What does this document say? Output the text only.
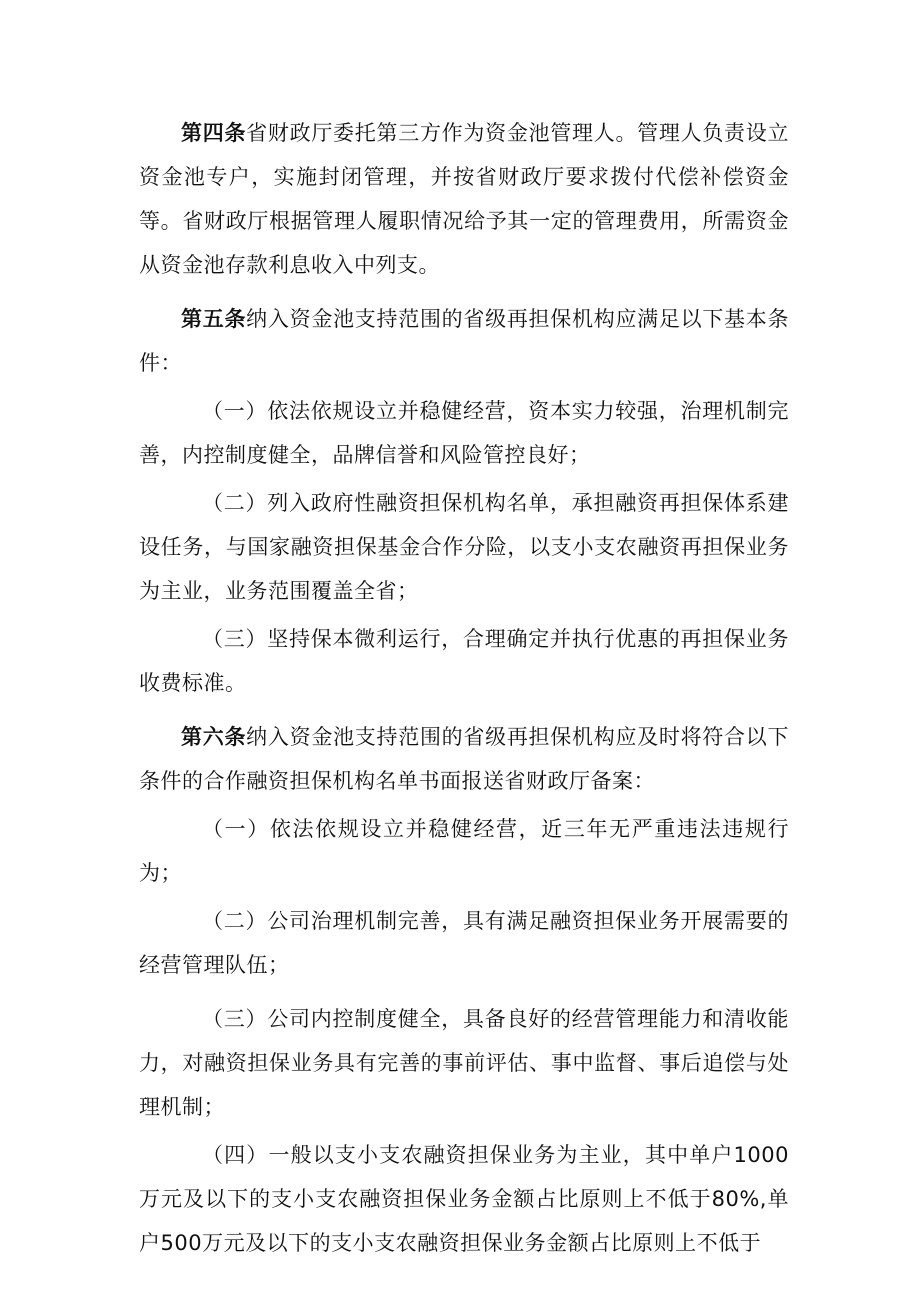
第四条省财政厅委托第三方作为资金池管理人。管理人负责设立资金池专户，实施封闭管理，并按省财政厅要求拨付代偿补偿资金等。省财政厅根据管理人履职情况给予其一定的管理费用，所需资金从资金池存款利息收入中列支。

第五条纳入资金池支持范围的省级再担保机构应满足以下基本条件：

（一）依法依规设立并稳健经营，资本实力较强，治理机制完善，内控制度健全，品牌信誉和风险管控良好；

（二）列入政府性融资担保机构名单，承担融资再担保体系建设任务，与国家融资担保基金合作分险，以支小支农融资再担保业务为主业，业务范围覆盖全省；

（三）坚持保本微利运行，合理确定并执行优惠的再担保业务收费标准。

第六条纳入资金池支持范围的省级再担保机构应及时将符合以下条件的合作融资担保机构名单书面报送省财政厅备案：

（一）依法依规设立并稳健经营，近三年无严重违法违规行为；

（二）公司治理机制完善，具有满足融资担保业务开展需要的经营管理队伍；

（三）公司内控制度健全，具备良好的经营管理能力和清收能力，对融资担保业务具有完善的事前评估、事中监督、事后追偿与处理机制；

（四）一般以支小支农融资担保业务为主业，其中单户1000万元及以下的支小支农融资担保业务金额占比原则上不低于80%,单户500万元及以下的支小支农融资担保业务金额占比原则上不低于
